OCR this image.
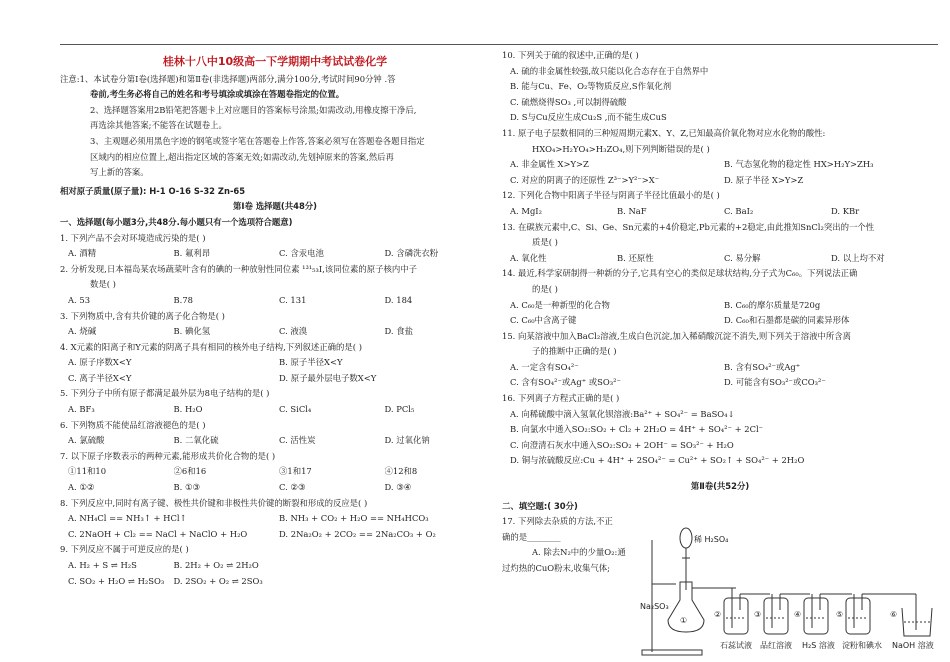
桂林十八中10级高一下学期期中考试试卷化学
注意:1、本试卷分第Ⅰ卷(选择题)和第Ⅱ卷(非选择题)两部分,满分100分,考试时间90分钟 .答
卷前,考生务必将自己的姓名和考号填涂或填涂在答题卷指定的位置。
2、选择题答案用2B铅笔把答题卡上对应题目的答案标号涂黑;如需改动,用橡皮擦干净后,
再选涂其他答案;不能答在试题卷上。
3、主观题必须用黑色字迹的钢笔或签字笔在答题卷上作答,答案必须写在答题卷各题目指定
区域内的相应位置上,超出指定区域的答案无效;如需改动,先划掉原来的答案,然后再
写上新的答案。
相对原子质量(原子量): H-1 O-16 S-32 Zn-65
第Ⅰ卷 选择题(共48分)
一、选择题(每小题3分,共48分.每小题只有一个选项符合题意)
1. 下列产品不会对环境造成污染的是( )
A. 酒精	B. 氟利昂	C. 含汞电池	D. 含磷洗衣粉
2. 分析发现,日本福岛某农场蔬菜叶含有的碘的一种放射性同位素 ¹³¹₅₃I,该同位素的原子核内中子
数是( )
A. 53	B.78	C. 131	D. 184
3. 下列物质中,含有共价键的离子化合物是( )
A. 烧碱	B. 碘化氢	C. 液溴	D. 食盐
4. X元素的阳离子和Y元素的阴离子具有相同的核外电子结构,下列叙述正确的是( )
A. 原子序数X<Y	B. 原子半径X<Y
C. 离子半径X<Y	D. 原子最外层电子数X<Y
5. 下列分子中所有原子都满足最外层为8电子结构的是( )
A. BF₃	B. H₂O	C. SiCl₄	D. PCl₅
6. 下列物质不能使品红溶液褪色的是( )
A. 氯硫酸	B. 二氧化硫	C. 活性炭	D. 过氧化钠
7. 以下原子序数表示的两种元素,能形成共价化合物的是( )
①11和10	②6和16	③1和17	④12和8
A. ①②	B. ①③	C. ②③	D. ③④
8. 下列反应中,同时有离子键、极性共价键和非极性共价键的断裂和形成的反应是( )
A. NH₄Cl == NH₃↑ + HCl↑	B. NH₃ + CO₂ + H₂O == NH₄HCO₃
C. 2NaOH + Cl₂ == NaCl + NaClO + H₂O	D. 2Na₂O₂ + 2CO₂ == 2Na₂CO₃ + O₂
9. 下列反应不属于可逆反应的是( )
A. H₂ + S ⇌ H₂S	B. 2H₂ + O₂ ⇌ 2H₂O
C. SO₂ + H₂O ⇌ H₂SO₃	D. 2SO₂ + O₂ ⇌ 2SO₃
10. 下列关于硫的叙述中,正确的是( )
A. 硫的非金属性较强,故只能以化合态存在于自然界中
B. 能与Cu、Fe、O₂等物质反应,S作氧化剂
C. 硫燃烧得SO₃ ,可以制得硫酸
D. S与Cu反应生成Cu₂S ,而不能生成CuS
11. 原子电子层数相同的三种短周期元素X、Y、Z,已知最高价氧化物对应水化物的酸性:
HXO₄>H₂YO₄>H₃ZO₄,则下列判断错误的是( )
A. 非金属性 X>Y>Z	B. 气态氢化物的稳定性 HX>H₂Y>ZH₃
C. 对应的阴离子的还原性 Z³⁻>Y²⁻>X⁻	D. 原子半径 X>Y>Z
12. 下列化合物中阳离子半径与阴离子半径比值最小的是( )
A. MgI₂	B. NaF	C. BaI₂	D. KBr
13. 在碳族元素中,C、Si、Ge、Sn元素的+4价稳定,Pb元素的+2稳定,由此推知SnCl₂突出的一个性
质是( )
A. 氧化性	B. 还原性	C. 易分解	D. 以上均不对
14. 最近,科学家研制得一种新的分子,它具有空心的类似足球状结构,分子式为C₆₀。下列说法正确
的是( )
A. C₆₀是一种新型的化合物	B. C₆₀的摩尔质量是720g
C. C₆₀中含离子键	D. C₆₀和石墨都是碳的同素异形体
15. 向某溶液中加入BaCl₂溶液,生成白色沉淀,加入稀硝酸沉淀不消失,则下列关于溶液中所含离
子的推断中正确的是( )
A. 一定含有SO₄²⁻	B. 含有SO₄²⁻或Ag⁺
C. 含有SO₄²⁻或Ag⁺ 或SO₃²⁻	D. 可能含有SO₃²⁻或CO₃²⁻
16. 下列离子方程式正确的是( )
A. 向稀硫酸中滴入氢氧化钡溶液:Ba²⁺ + SO₄²⁻ = BaSO₄↓
B. 向氯水中通入SO₂:SO₂ + Cl₂ + 2H₂O = 4H⁺ + SO₄²⁻ + 2Cl⁻
C. 向澄清石灰水中通入SO₂:SO₂ + 2OH⁻ = SO₃²⁻ + H₂O
D. 铜与浓硫酸反应:Cu + 4H⁺ + 2SO₄²⁻ = Cu²⁺ + SO₂↑ + SO₄²⁻ + 2H₂O
第Ⅱ卷(共52分)
二、填空题:( 30分)
17. 下列除去杂质的方法,不正
确的是________
A. 除去N₂中的少量O₂:通
过灼热的CuO粉末,收集气体;
稀 H₂SO₄
Na₂SO₃
①
②	③	④	⑤	⑥
石蕊试液 品红溶液 H₂S 溶液 淀粉和碘水 NaOH 溶液
